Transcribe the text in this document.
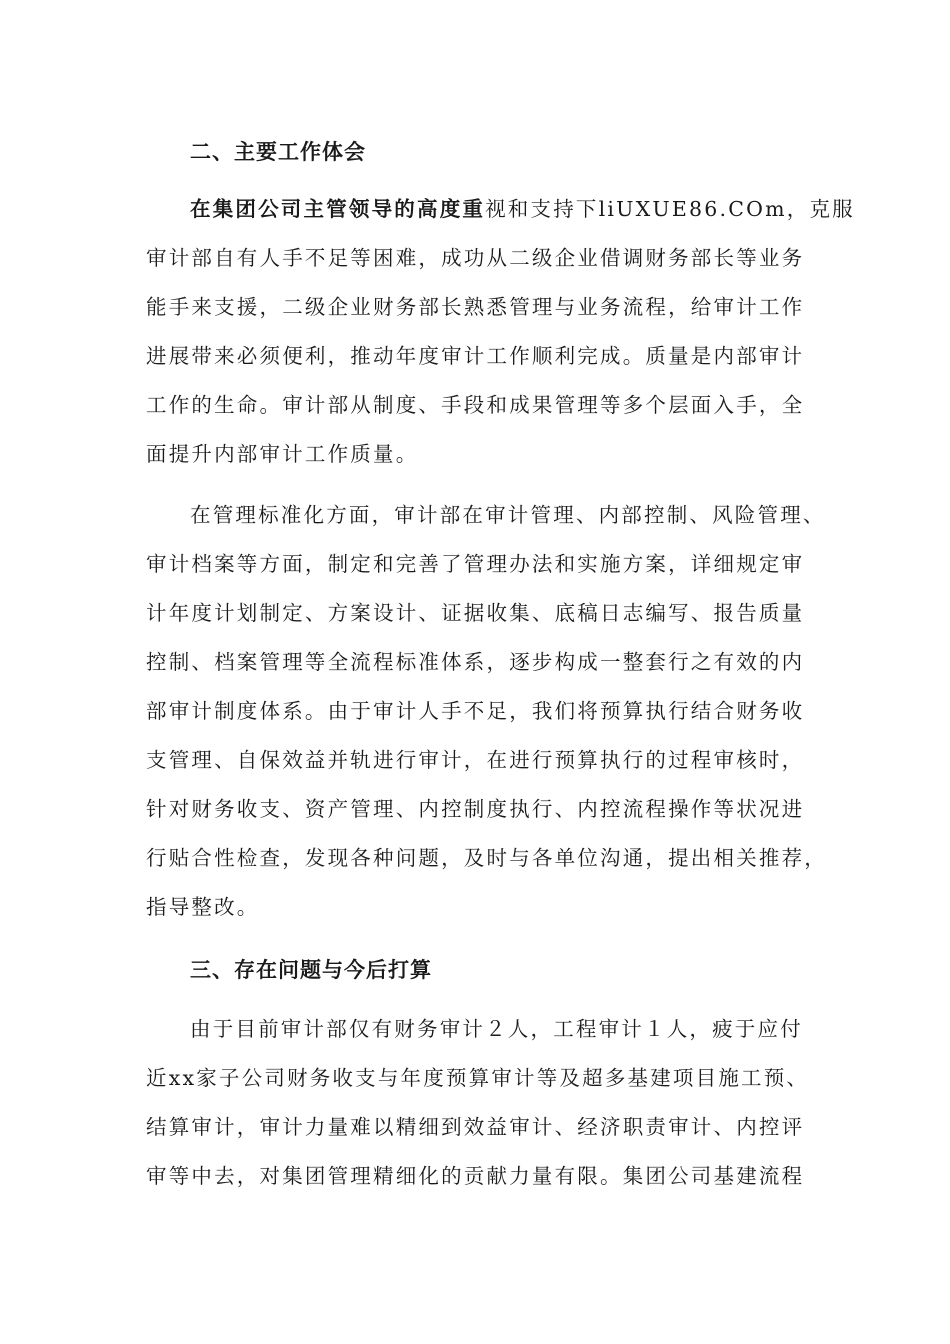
二、主要工作体会
在集团公司主管领导的高度重视和支持下liUXUE86.COm，克服
审计部自有人手不足等困难，成功从二级企业借调财务部长等业务
能手来支援，二级企业财务部长熟悉管理与业务流程，给审计工作
进展带来必须便利，推动年度审计工作顺利完成。质量是内部审计
工作的生命。审计部从制度、手段和成果管理等多个层面入手，全
面提升内部审计工作质量。
在管理标准化方面，审计部在审计管理、内部控制、风险管理、
审计档案等方面，制定和完善了管理办法和实施方案，详细规定审
计年度计划制定、方案设计、证据收集、底稿日志编写、报告质量
控制、档案管理等全流程标准体系，逐步构成一整套行之有效的内
部审计制度体系。由于审计人手不足，我们将预算执行结合财务收
支管理、自保效益并轨进行审计，在进行预算执行的过程审核时，
针对财务收支、资产管理、内控制度执行、内控流程操作等状况进
行贴合性检查，发现各种问题，及时与各单位沟通，提出相关推荐，
指导整改。
三、存在问题与今后打算
由于目前审计部仅有财务审计２人，工程审计１人，疲于应付
近xx家子公司财务收支与年度预算审计等及超多基建项目施工预、
结算审计，审计力量难以精细到效益审计、经济职责审计、内控评
审等中去，对集团管理精细化的贡献力量有限。集团公司基建流程
